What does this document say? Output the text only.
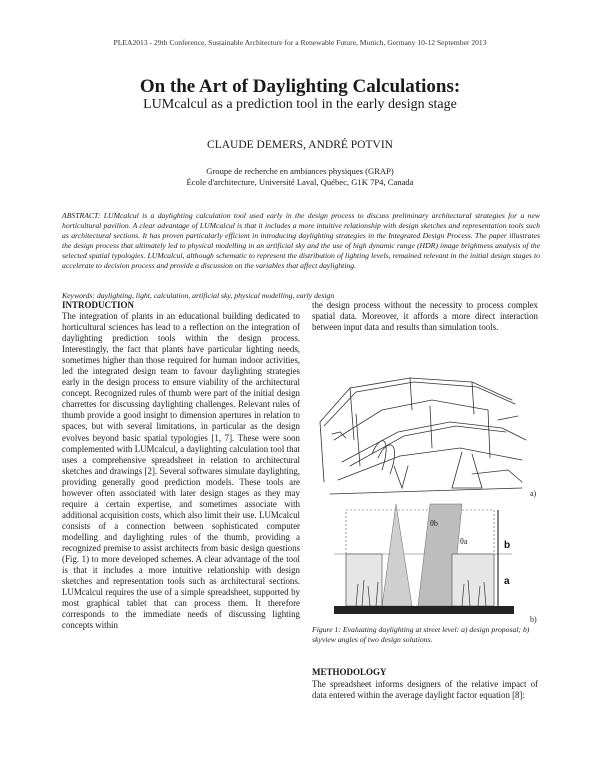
PLEA2013 - 29th Conference, Sustainable Architecture for a Renewable Future, Munich, Germany 10-12 September 2013
On the Art of Daylighting Calculations:
LUMcalcul as a prediction tool in the early design stage
CLAUDE DEMERS, ANDRÉ POTVIN
Groupe de recherche en ambiances physiques (GRAP)
École d'architecture, Université Laval, Québec, G1K 7P4, Canada
ABSTRACT: LUMcalcul is a daylighting calculation tool used early in the design process to discuss preliminary architectural strategies for a new horticultural pavilion. A clear advantage of LUMcalcul is that it includes a more intuitive relationship with design sketches and representation tools such as architectural sections. It has proven particularly efficient in introducing daylighting strategies in the Integrated Design Process. The paper illustrates the design process that ultimately led to physical modelling in an artificial sky and the use of high dynamic range (HDR) image brightness analysis of the selected spatial typologies. LUMcalcul, although schematic to represent the distribution of lighting levels, remained relevant in the initial design stages to accelerate to decision process and provide a discussion on the variables that affect daylighting.
Keywords: daylighting, light, calculation, artificial sky, physical modelling, early design
INTRODUCTION
The integration of plants in an educational building dedicated to horticultural sciences has lead to a reflection on the integration of daylighting prediction tools within the design process. Interestingly, the fact that plants have particular lighting needs, sometimes higher than those required for human indoor activities, led the integrated design team to favour daylighting strategies early in the design process to ensure viability of the architectural concept. Recognized rules of thumb were part of the initial design charrettes for discussing daylighting challenges. Relevant rules of thumb provide a good insight to dimension apertures in relation to spaces, but with several limitations, in particular as the design evolves beyond basic spatial typologies [1, 7]. These were soon complemented with LUMcalcul, a daylighting calculation tool that uses a comprehensive spreadsheet in relation to architectural sketches and drawings [2]. Several softwares simulate daylighting, providing generally good prediction models. These tools are however often associated with later design stages as they may require a certain expertise, and sometimes associate with additional acquisition costs, which also limit their use. LUMcalcul consists of a connection between sophisticated computer modelling and daylighting rules of the thumb, providing a recognized premise to assist architects from basic design questions (Fig. 1) to more developed schemes. A clear advantage of the tool is that it includes a more intuitive relationship with design sketches and representation tools such as architectural sections. LUMcalcul requires the use of a simple spreadsheet, supported by most graphical tablet that can process them. It therefore corresponds to the immediate needs of discussing lighting concepts within
the design process without the necessity to process complex spatial data. Moreover, it affords a more direct interaction between input data and results than simulation tools.
a)
θb
θa	b
a
b)
Figure 1: Evaluating daylighting at street level: a) design proposal; b) skyview angles of two design solutions.
METHODOLOGY
The spreadsheet informs designers of the relative impact of data entered within the average daylight factor equation [8]:
